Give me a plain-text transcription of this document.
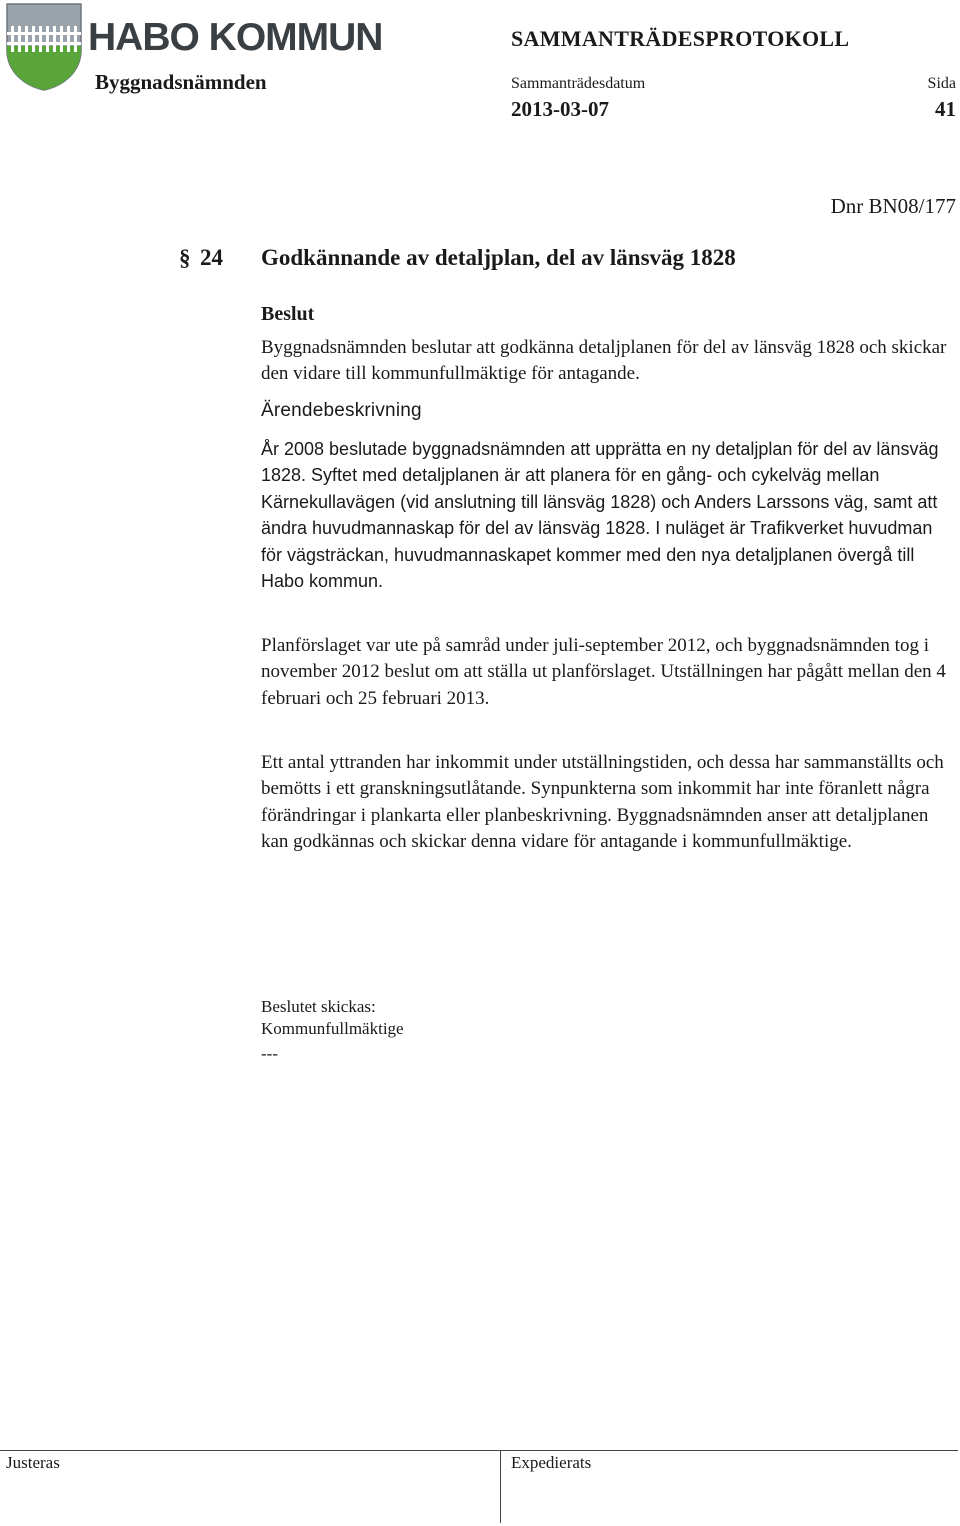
HABO KOMMUN
Byggnadsnämnden
SAMMANTRÄDESPROTOKOLL
Sammanträdesdatum
2013-03-07
Sida
41
Dnr BN08/177
§ 24 Godkännande av detaljplan, del av länsväg 1828
Beslut

Byggnadsnämnden beslutar att godkänna detaljplanen för del av länsväg 1828 och skickar den vidare till kommunfullmäktige för antagande.

Ärendebeskrivning

År 2008 beslutade byggnadsnämnden att upprätta en ny detaljplan för del av länsväg 1828. Syftet med detaljplanen är att planera för en gång- och cykelväg mellan Kärnekullavägen (vid anslutning till länsväg 1828) och Anders Larssons väg, samt att ändra huvudmannaskap för del av länsväg 1828. I nuläget är Trafikverket huvudman för vägsträckan, huvudmannaskapet kommer med den nya detaljplanen övergå till Habo kommun.

Planförslaget var ute på samråd under juli-september 2012, och byggnadsnämnden tog i november 2012 beslut om att ställa ut planförslaget. Utställningen har pågått mellan den 4 februari och 25 februari 2013.

Ett antal yttranden har inkommit under utställningstiden, och dessa har sammanställts och bemötts i ett granskningsutlåtande. Synpunkterna som inkommit har inte föranlett några förändringar i plankarta eller planbeskrivning. Byggnadsnämnden anser att detaljplanen kan godkännas och skickar denna vidare för antagande i kommunfullmäktige.

Beslutet skickas:
Kommunfullmäktige
---
Justeras	Expedierats
